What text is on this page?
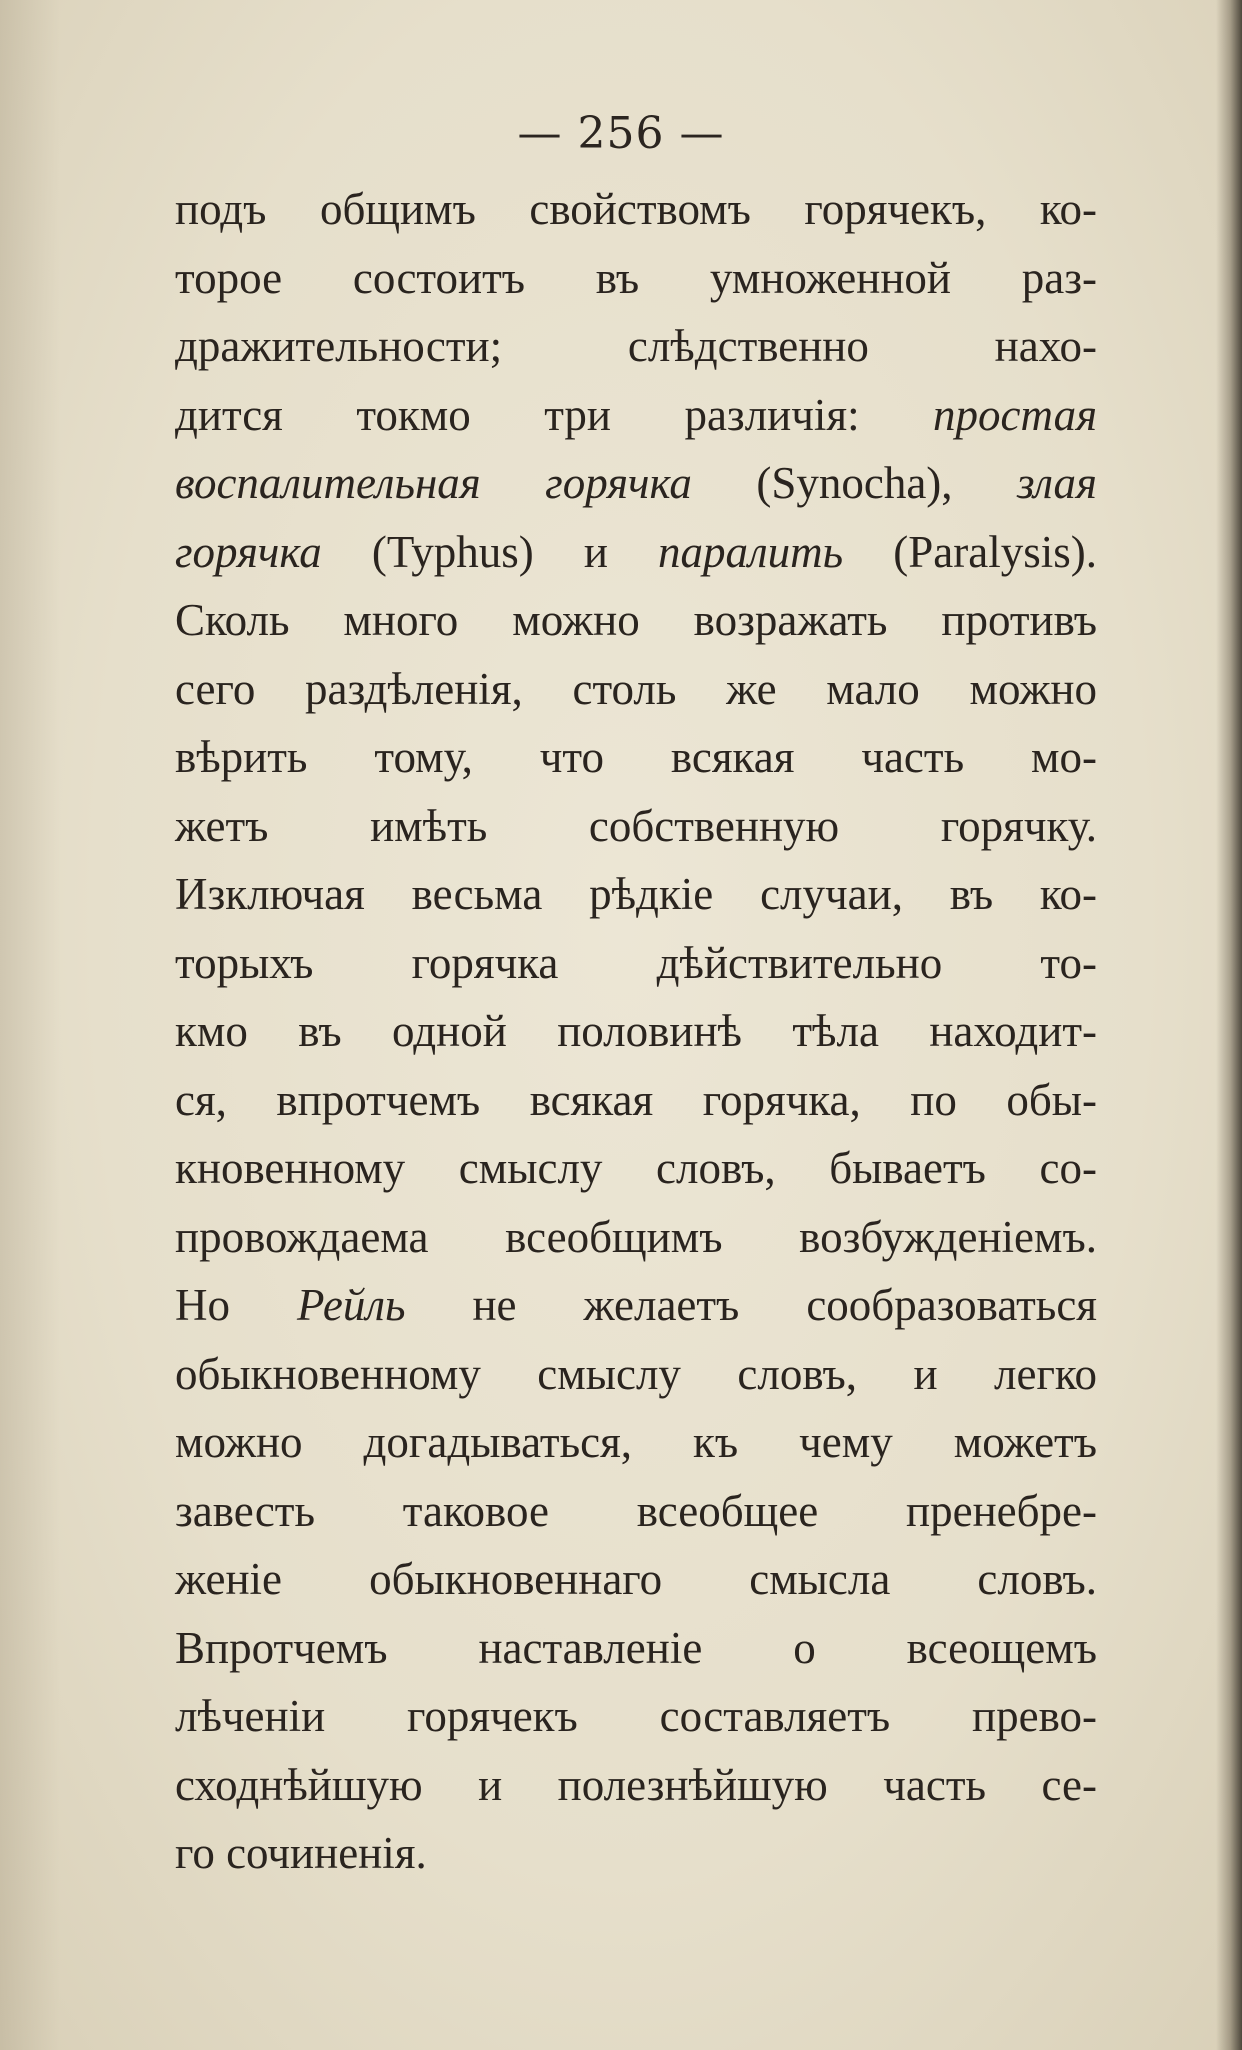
— 256 —
подъ общимъ свойствомъ горячекъ, ко-
торое состоитъ въ умноженной раз-
дражительности; слѣдственно нахо-
дится токмо три различія: простая
воспалительная горячка (Synocha), злая
горячка (Typhus) и паралить (Paralysis).
Сколь много можно возражать противъ
сего раздѣленія, столь же мало можно
вѣрить тому, что всякая часть мо-
жетъ имѣть собственную горячку.
Изключая весьма рѣдкіе случаи, въ ко-
торыхъ горячка дѣйствительно то-
кмо въ одной половинѣ тѣла находит-
ся, впротчемъ всякая горячка, по обы-
кновенному смыслу словъ, бываетъ со-
провождаема всеобщимъ возбужденіемъ.
Но Рейль не желаетъ сообразоваться
обыкновенному смыслу словъ, и легко
можно догадываться, къ чему можетъ
завесть таковое всеобщее пренебре-
женіе обыкновеннаго смысла словъ.
Впротчемъ наставленіе о всеощемъ
лѣченіи горячекъ составляетъ прево-
сходнѣйшую и полезнѣйшую часть се-
го сочиненія.
